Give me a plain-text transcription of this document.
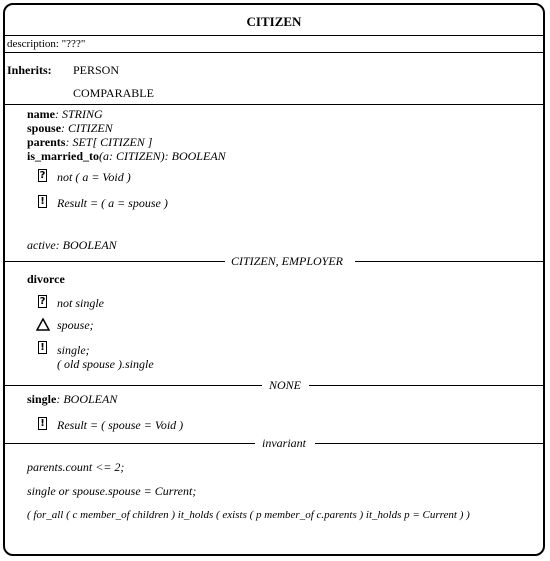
CITIZEN
description: "???"
Inherits: PERSON
COMPARABLE
name: STRING
spouse: CITIZEN
parents: SET[ CITIZEN ]
is_married_to(a: CITIZEN): BOOLEAN
? not ( a = Void )
! Result = ( a = spouse )
active: BOOLEAN
CITIZEN, EMPLOYER
divorce
? not single
spouse;
! single;
( old spouse ).single
NONE
single: BOOLEAN
! Result = ( spouse = Void )
invariant
parents.count <= 2;
single or spouse.spouse = Current;
( for_all ( c member_of children ) it_holds ( exists ( p member_of c.parents ) it_holds p = Current ) )
